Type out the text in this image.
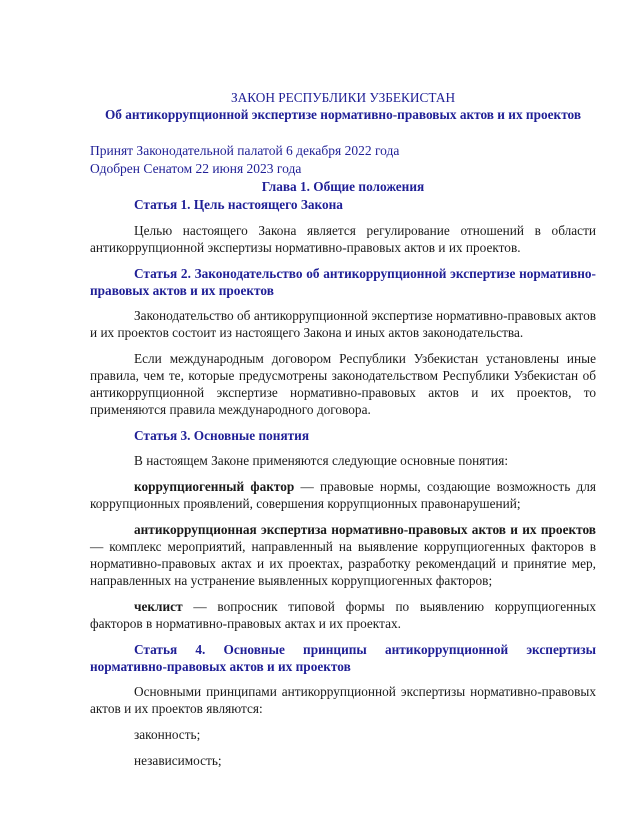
ЗАКОН РЕСПУБЛИКИ УЗБЕКИСТАН
Об антикоррупционной экспертизе нормативно-правовых актов и их проектов
Принят Законодательной палатой 6 декабря 2022 года
Одобрен Сенатом 22 июня 2023 года
Глава 1. Общие положения
Статья 1. Цель настоящего Закона

Целью настоящего Закона является регулирование отношений в области антикоррупционной экспертизы нормативно-правовых актов и их проектов.

Статья 2. Законодательство об антикоррупционной экспертизе нормативно-правовых актов и их проектов

Законодательство об антикоррупционной экспертизе нормативно-правовых актов и их проектов состоит из настоящего Закона и иных актов законодательства.

Если международным договором Республики Узбекистан установлены иные правила, чем те, которые предусмотрены законодательством Республики Узбекистан об антикоррупционной экспертизе нормативно-правовых актов и их проектов, то применяются правила международного договора.

Статья 3. Основные понятия

В настоящем Законе применяются следующие основные понятия:

коррупциогенный фактор — правовые нормы, создающие возможность для коррупционных проявлений, совершения коррупционных правонарушений;

антикоррупционная экспертиза нормативно-правовых актов и их проектов — комплекс мероприятий, направленный на выявление коррупциогенных факторов в нормативно-правовых актах и их проектах, разработку рекомендаций и принятие мер, направленных на устранение выявленных коррупциогенных факторов;

чеклист — вопросник типовой формы по выявлению коррупциогенных факторов в нормативно-правовых актах и их проектах.

Статья 4. Основные принципы антикоррупционной экспертизы нормативно-правовых актов и их проектов

Основными принципами антикоррупционной экспертизы нормативно-правовых актов и их проектов являются:

законность;

независимость;
